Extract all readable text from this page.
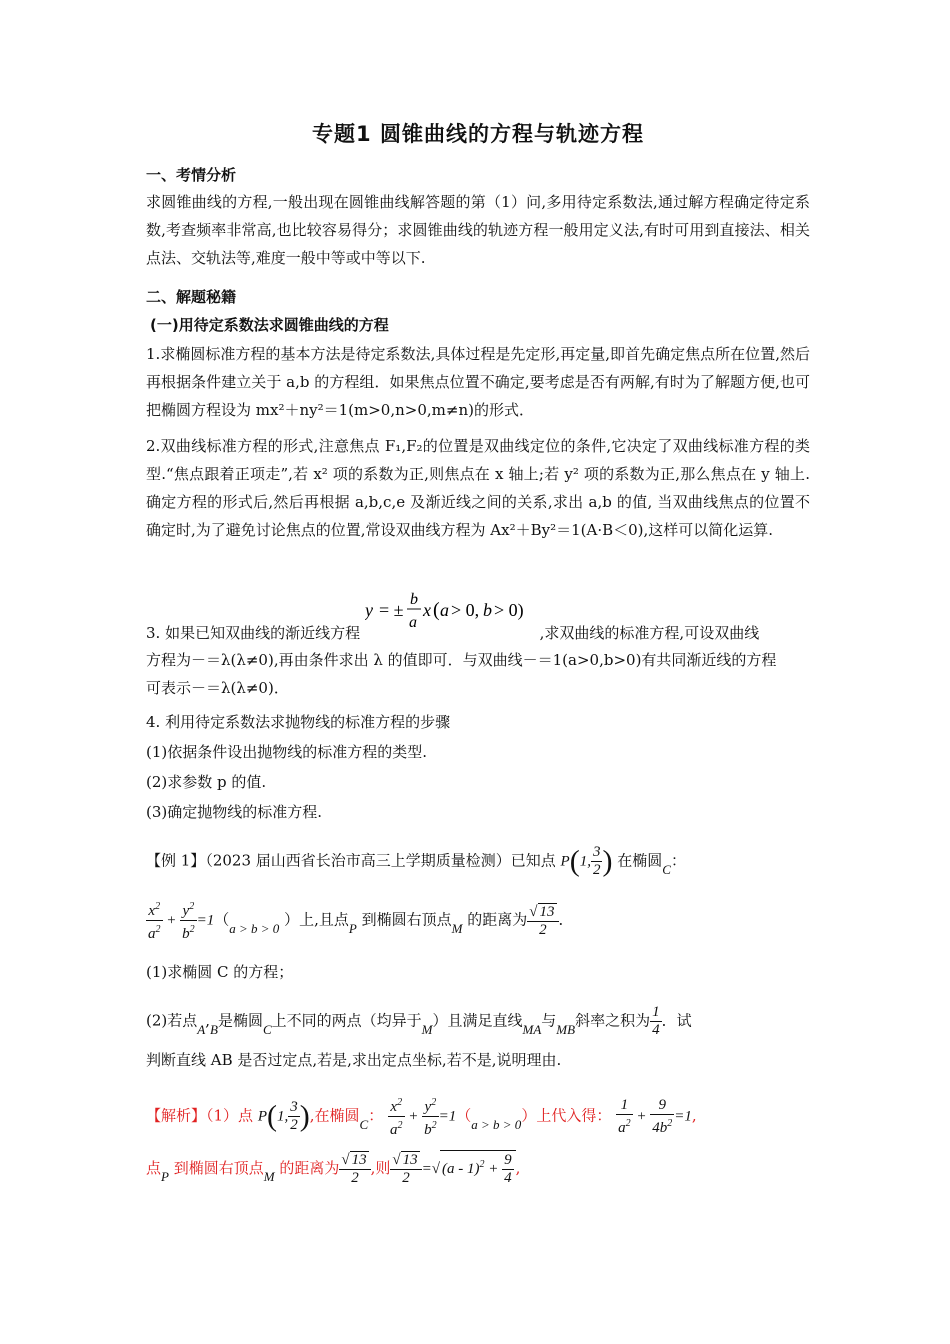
专题1 圆锥曲线的方程与轨迹方程
一、考情分析
求圆锥曲线的方程,一般出现在圆锥曲线解答题的第（1）问,多用待定系数法,通过解方程确定待定系数,考查频率非常高,也比较容易得分；求圆锥曲线的轨迹方程一般用定义法,有时可用到直接法、相关点法、交轨法等,难度一般中等或中等以下.
二、解题秘籍
(一)用待定系数法求圆锥曲线的方程
1.求椭圆标准方程的基本方法是待定系数法,具体过程是先定形,再定量,即首先确定焦点所在位置,然后再根据条件建立关于 a,b 的方程组．如果焦点位置不确定,要考虑是否有两解,有时为了解题方便,也可把椭圆方程设为 mx²＋ny²＝1(m>0,n>0,m≠n)的形式．
2.双曲线标准方程的形式,注意焦点 F₁,F₂的位置是双曲线定位的条件,它决定了双曲线标准方程的类型.“焦点跟着正项走”,若 x² 项的系数为正,则焦点在 x 轴上;若 y² 项的系数为正,那么焦点在 y 轴上.确定方程的形式后,然后再根据 a,b,c,e 及渐近线之间的关系,求出 a,b 的值, 当双曲线焦点的位置不确定时,为了避免讨论焦点的位置,常设双曲线方程为 Ax²＋By²＝1(A·B＜0),这样可以简化运算.
3. 如果已知双曲线的渐近线方程
y = ±
b
a
x ( a > 0, b > 0)
,求双曲线的标准方程,可设双曲线
方程为－＝λ(λ≠0),再由条件求出 λ 的值即可．与双曲线－＝1(a>0,b>0)有共同渐近线的方程
可表示－＝λ(λ≠0)．
4. 利用待定系数法求抛物线的标准方程的步骤
(1)依据条件设出抛物线的标准方程的类型.
(2)求参数 p 的值.
(3)确定抛物线的标准方程.
【例 1】（2023 届山西省长治市高三上学期质量检测）已知点 P(1, $\frac{3}{2}$ ) 在椭圆C：
$\frac{x^2}{a^2} + \frac{y^2}{b^2} =1(a > b > 0$ ）上,且点P 到椭圆右顶点M 的距离为 $\frac{√ 13}{2}$ ．
(1)求椭圆 C 的方程；
(2)若点A,B是椭圆C上不同的两点（均异于M）且满足直线MA与MB斜率之积为 $\frac{1}{4}$ ．试
判断直线 AB 是否过定点,若是,求出定点坐标,若不是,说明理由.
【解析】（1）点 P(1, $\frac{3}{2}$ ),在椭圆C： $\frac{x^2}{a^2} + \frac{y^2}{b^2} =1(a > b > 0)$上代入得： $\frac{1}{a^2} + \frac{9}{4b^2} =1$,
点P 到椭圆右顶点M 的距离为 $\frac{√ 13}{2}$ ,则 $\frac{√ 13}{2}$ =√ $(a - 1)^2 + \frac{9}{4}$ ,
